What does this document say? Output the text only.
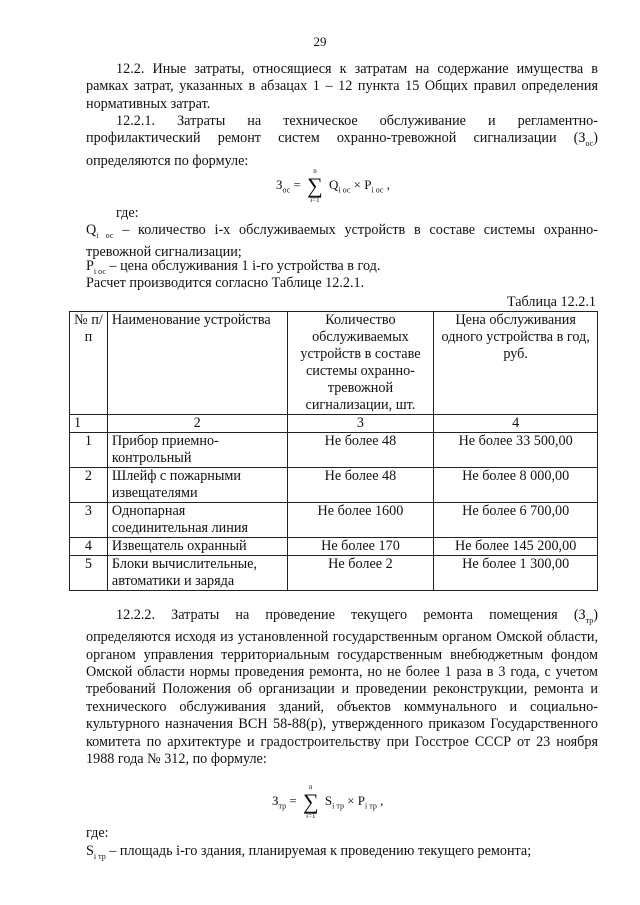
29

12.2. Иные затраты, относящиеся к затратам на содержание имущества в рамках затрат, указанных в абзацах 1 – 12 пункта 15 Общих правил определения нормативных затрат.

12.2.1. Затраты на техническое обслуживание и регламентно-профилактический ремонт систем охранно-тревожной сигнализации $(З_{ос})$ определяются по формуле:

$З_{ос}$ = ∑
n
i=1
$Q_{i ос} \times P_{i ос}$ ,
где:

$Q_{i ос}$ – количество i-х обслуживаемых устройств в составе системы охранно-тревожной сигнализации;

$P_{i ос}$ – цена обслуживания 1 i-го устройства в год.

Расчет производится согласно Таблице 12.2.1.
Таблица 12.2.1
№ п/п	Наименование устройства	Количество обслуживаемых устройств в составе системы охранно-тревожной сигнализации, шт.	Цена обслуживания одного устройства в год, руб.
1	2	3	4
1	Прибор приемно-контрольный	Не более 48	Не более 33 500,00
2	Шлейф с пожарными извещателями	Не более 48	Не более 8 000,00
3	Однопарная соединительная линия	Не более 1600	Не более 6 700,00
4	Извещатель охранный	Не более 170	Не более 145 200,00
5	Блоки вычислительные, автоматики и заряда	Не более 2	Не более 1 300,00

12.2.2. Затраты на проведение текущего ремонта помещения $(З_{тр})$ определяются исходя из установленной государственным органом Омской области, органом управления территориальным государственным внебюджетным фондом Омской области нормы проведения ремонта, но не более 1 раза в 3 года, с учетом требований Положения об организации и проведении реконструкции, ремонта и технического обслуживания зданий, объектов коммунального и социально-культурного назначения ВСН 58-88(р), утвержденного приказом Государственного комитета по архитектуре и градостроительству при Госстрое СССР от 23 ноября 1988 года № 312, по формуле:

$З_{тр}$ = ∑
n
i=1
$S_{i тр} \times P_{i тр}$ ,
где:

$S_{i тр}$ – площадь i-го здания, планируемая к проведению текущего ремонта;
